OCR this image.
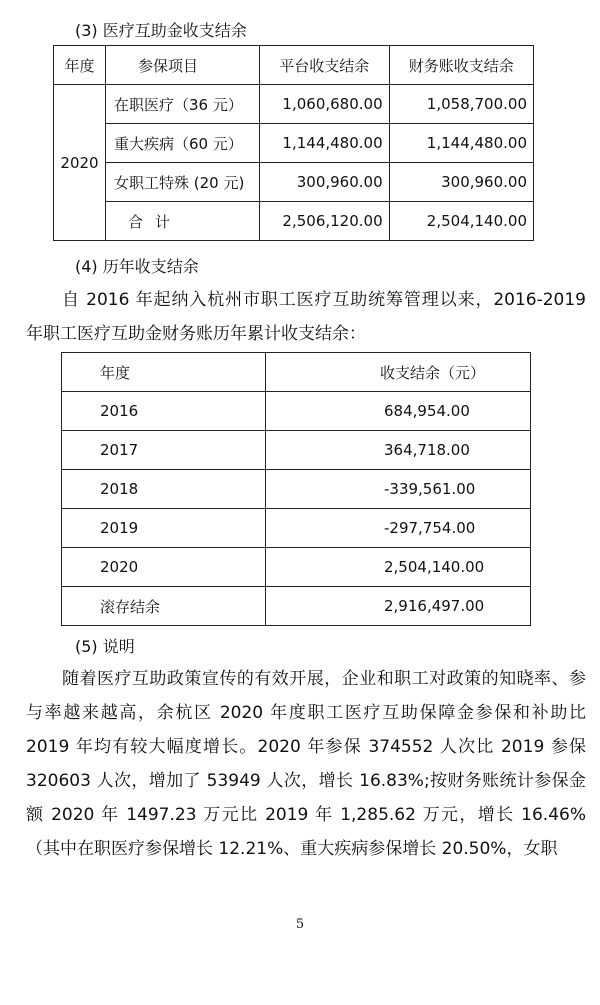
(3) 医疗互助金收支结余
年度	参保项目	平台收支结余	财务账收支结余
2020	在职医疗（36 元）	1,060,680.00	1,058,700.00
	重大疾病（60 元）	1,144,480.00	1,144,480.00
	女职工特殊 (20 元)	300,960.00	300,960.00
	合计	2,506,120.00	2,504,140.00
(4) 历年收支结余
自 2016 年起纳入杭州市职工医疗互助统筹管理以来，2016-2019 年职工医疗互助金财务账历年累计收支结余：
年度	收支结余（元）
2016	684,954.00
2017	364,718.00
2018	-339,561.00
2019	-297,754.00
2020	2,504,140.00
滚存结余	2,916,497.00
(5) 说明
随着医疗互助政策宣传的有效开展，企业和职工对政策的知晓率、参与率越来越高，余杭区 2020 年度职工医疗互助保障金参保和补助比 2019 年均有较大幅度增长。2020 年参保 374552 人次比 2019 参保 320603 人次，增加了 53949 人次，增长 16.83%;按财务账统计参保金额 2020 年 1497.23 万元比 2019 年 1,285.62 万元，增长 16.46% （其中在职医疗参保增长 12.21%、重大疾病参保增长 20.50%，女职
5
